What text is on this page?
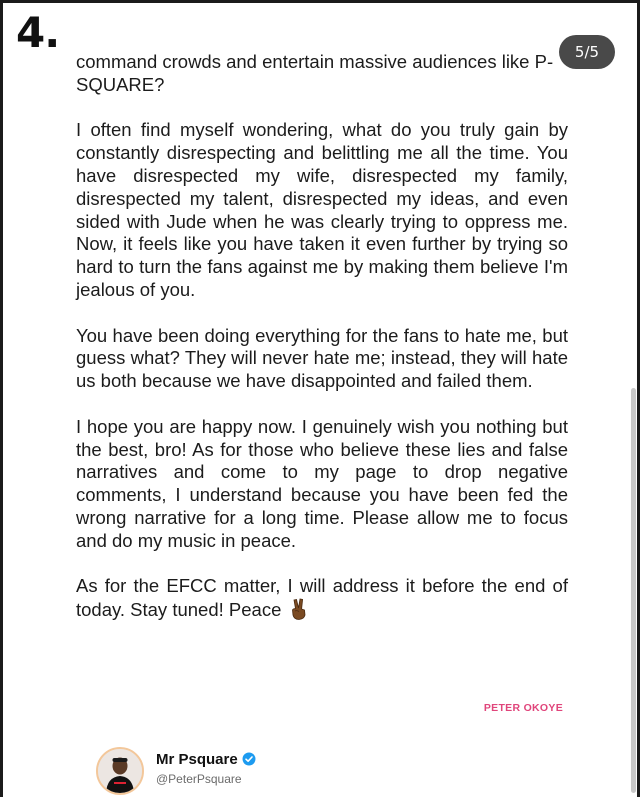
4.

command crowds and entertain massive audiences like P-SQUARE?

I often find myself wondering, what do you truly gain by constantly disrespecting and belittling me all the time. You have disrespected my wife, disrespected my family, disrespected my talent, disrespected my ideas, and even sided with Jude when he was clearly trying to oppress me. Now, it feels like you have taken it even further by trying so hard to turn the fans against me by making them believe I'm jealous of you.

You have been doing everything for the fans to hate me, but guess what? They will never hate me; instead, they will hate us both because we have disappointed and failed them.

I hope you are happy now. I genuinely wish you nothing but the best, bro! As for those who believe these lies and false narratives and come to my page to drop negative comments, I understand because you have been fed the wrong narrative for a long time. Please allow me to focus and do my music in peace.

As for the EFCC matter, I will address it before the end of today. Stay tuned! Peace

5/5
PETER OKOYE
Mr Psquare
@PeterPsquare
